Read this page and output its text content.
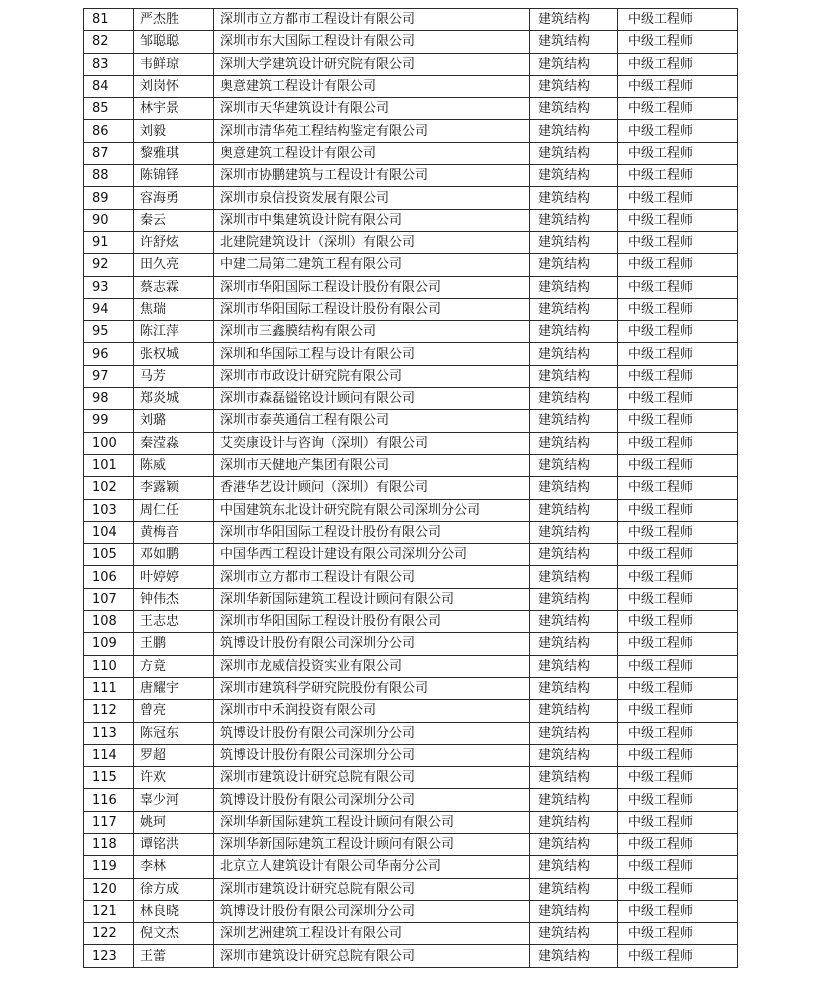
81	严杰胜	深圳市立方都市工程设计有限公司	建筑结构	中级工程师
82	邹聪聪	深圳市东大国际工程设计有限公司	建筑结构	中级工程师
83	韦鲜琼	深圳大学建筑设计研究院有限公司	建筑结构	中级工程师
84	刘岗怀	奥意建筑工程设计有限公司	建筑结构	中级工程师
85	林宇景	深圳市天华建筑设计有限公司	建筑结构	中级工程师
86	刘毅	深圳市清华苑工程结构鉴定有限公司	建筑结构	中级工程师
87	黎雅琪	奥意建筑工程设计有限公司	建筑结构	中级工程师
88	陈锦铎	深圳市协鹏建筑与工程设计有限公司	建筑结构	中级工程师
89	容海勇	深圳市泉信投资发展有限公司	建筑结构	中级工程师
90	秦云	深圳市中集建筑设计院有限公司	建筑结构	中级工程师
91	许舒炫	北建院建筑设计（深圳）有限公司	建筑结构	中级工程师
92	田久亮	中建二局第二建筑工程有限公司	建筑结构	中级工程师
93	蔡志霖	深圳市华阳国际工程设计股份有限公司	建筑结构	中级工程师
94	焦瑞	深圳市华阳国际工程设计股份有限公司	建筑结构	中级工程师
95	陈江萍	深圳市三鑫膜结构有限公司	建筑结构	中级工程师
96	张权城	深圳和华国际工程与设计有限公司	建筑结构	中级工程师
97	马芳	深圳市市政设计研究院有限公司	建筑结构	中级工程师
98	郑炎城	深圳市森磊镒铭设计顾问有限公司	建筑结构	中级工程师
99	刘璐	深圳市泰英通信工程有限公司	建筑结构	中级工程师
100	秦滢淼	艾奕康设计与咨询（深圳）有限公司	建筑结构	中级工程师
101	陈威	深圳市天健地产集团有限公司	建筑结构	中级工程师
102	李露颖	香港华艺设计顾问（深圳）有限公司	建筑结构	中级工程师
103	周仁任	中国建筑东北设计研究院有限公司深圳分公司	建筑结构	中级工程师
104	黄梅音	深圳市华阳国际工程设计股份有限公司	建筑结构	中级工程师
105	邓如鹏	中国华西工程设计建设有限公司深圳分公司	建筑结构	中级工程师
106	叶婷婷	深圳市立方都市工程设计有限公司	建筑结构	中级工程师
107	钟伟杰	深圳华新国际建筑工程设计顾问有限公司	建筑结构	中级工程师
108	王志忠	深圳市华阳国际工程设计股份有限公司	建筑结构	中级工程师
109	王鹏	筑博设计股份有限公司深圳分公司	建筑结构	中级工程师
110	方竟	深圳市龙威信投资实业有限公司	建筑结构	中级工程师
111	唐耀宇	深圳市建筑科学研究院股份有限公司	建筑结构	中级工程师
112	曾亮	深圳市中禾润投资有限公司	建筑结构	中级工程师
113	陈冠东	筑博设计股份有限公司深圳分公司	建筑结构	中级工程师
114	罗超	筑博设计股份有限公司深圳分公司	建筑结构	中级工程师
115	许欢	深圳市建筑设计研究总院有限公司	建筑结构	中级工程师
116	辜少河	筑博设计股份有限公司深圳分公司	建筑结构	中级工程师
117	姚珂	深圳华新国际建筑工程设计顾问有限公司	建筑结构	中级工程师
118	谭铭洪	深圳华新国际建筑工程设计顾问有限公司	建筑结构	中级工程师
119	李林	北京立人建筑设计有限公司华南分公司	建筑结构	中级工程师
120	徐方成	深圳市建筑设计研究总院有限公司	建筑结构	中级工程师
121	林良晓	筑博设计股份有限公司深圳分公司	建筑结构	中级工程师
122	倪文杰	深圳艺洲建筑工程设计有限公司	建筑结构	中级工程师
123	王蕾	深圳市建筑设计研究总院有限公司	建筑结构	中级工程师
